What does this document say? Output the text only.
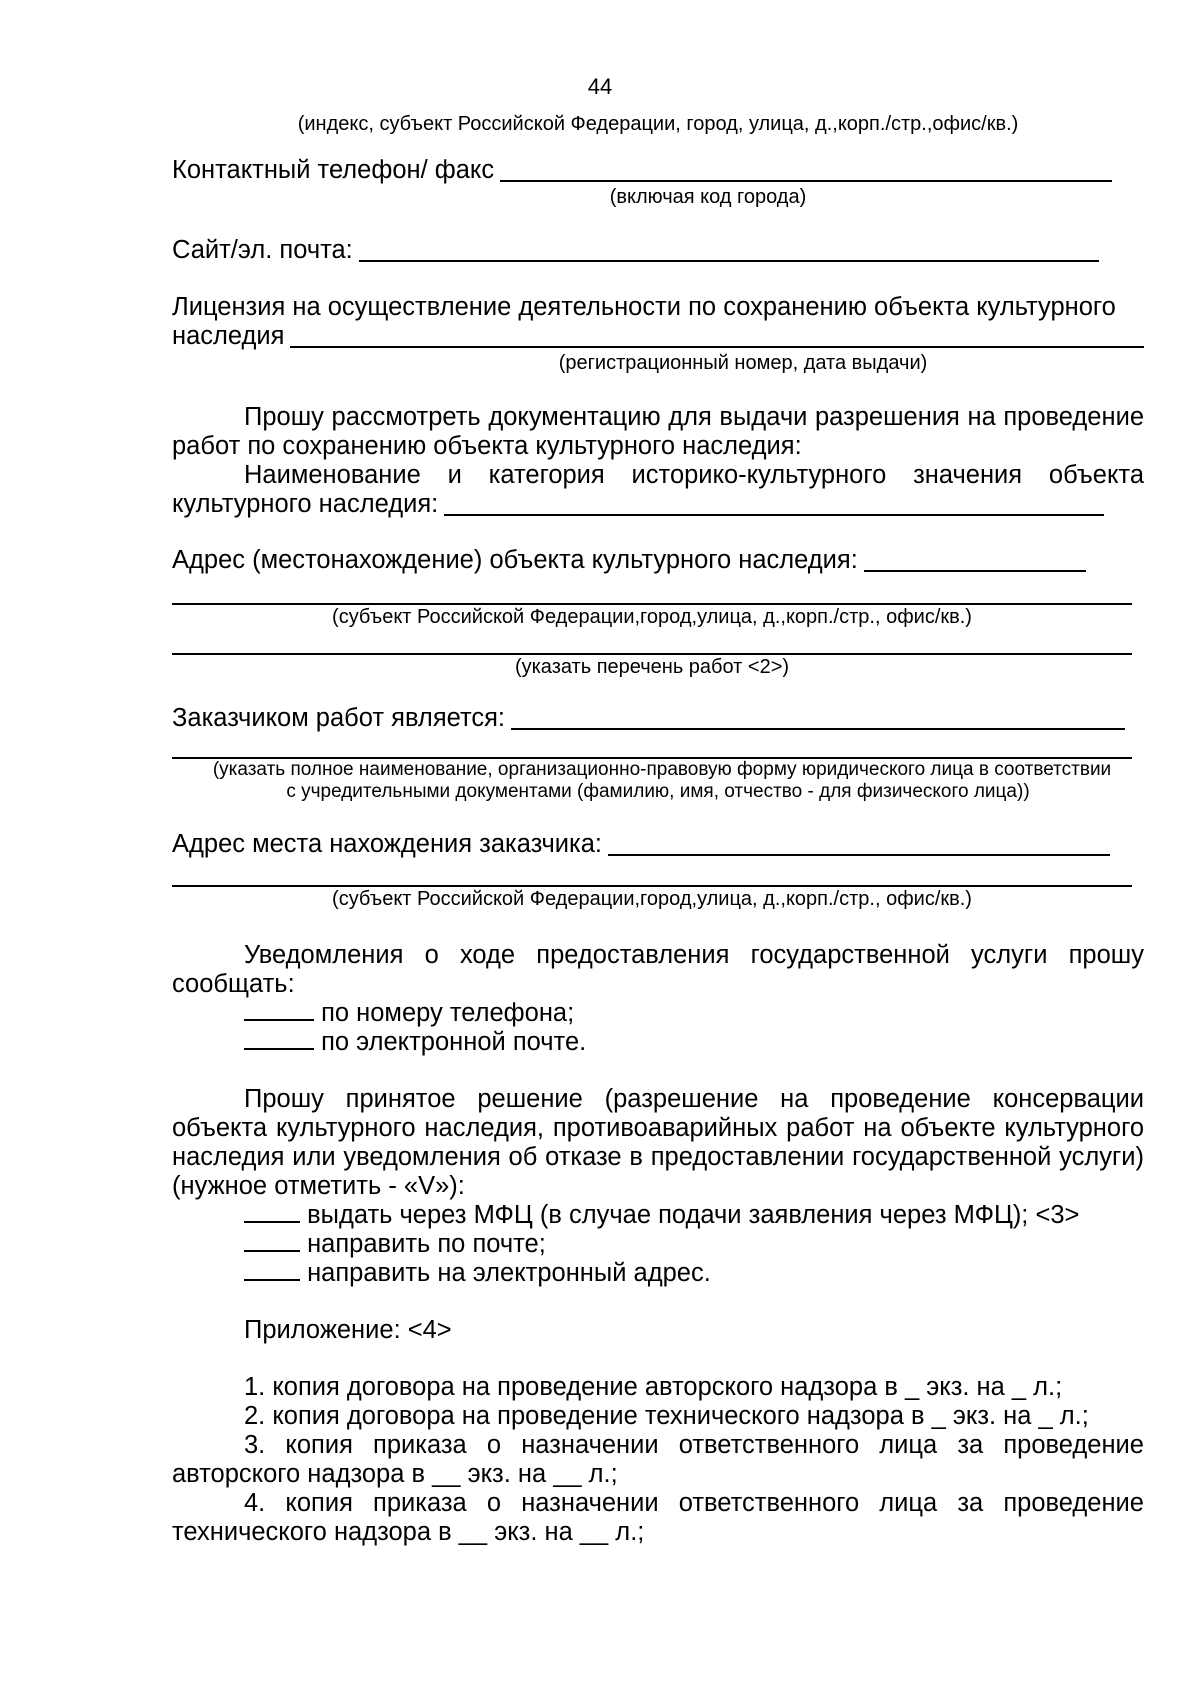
44
(индекс, субъект Российской Федерации, город, улица, д.,корп./стр.,офис/кв.)
Контактный телефон/ факс
(включая код города)
Сайт/эл. почта:
Лицензия на осуществление деятельности по сохранению объекта культурного
наследия
(регистрационный номер, дата выдачи)
Прошу рассмотреть документацию для выдачи разрешения на проведение работ по сохранению объекта культурного наследия:
Наименование и категория историко-культурного значения объекта
культурного наследия:
Адрес (местонахождение) объекта культурного наследия:
(субъект Российской Федерации,город,улица, д.,корп./стр., офис/кв.)
(указать перечень работ <2>)
Заказчиком работ является:
(указать полное наименование, организационно-правовую форму юридического лица в соответствии
с учредительными документами (фамилию, имя, отчество - для физического лица))
Адрес места нахождения заказчика:
(субъект Российской Федерации,город,улица, д.,корп./стр., офис/кв.)
Уведомления о ходе предоставления государственной услуги прошу сообщать:
по номеру телефона;
по электронной почте.
Прошу принятое решение (разрешение на проведение консервации объекта культурного наследия, противоаварийных работ на объекте культурного наследия или уведомления об отказе в предоставлении государственной услуги) (нужное отметить - «V»):
выдать через МФЦ (в случае подачи заявления через МФЦ); <3>
направить по почте;
направить на электронный адрес.
Приложение: <4>
1. копия договора на проведение авторского надзора в _ экз. на _ л.;
2. копия договора на проведение технического надзора в _ экз. на _ л.;
3. копия приказа о назначении ответственного лица за проведение авторского надзора в __ экз. на __ л.;
4. копия приказа о назначении ответственного лица за проведение технического надзора в __ экз. на __ л.;
